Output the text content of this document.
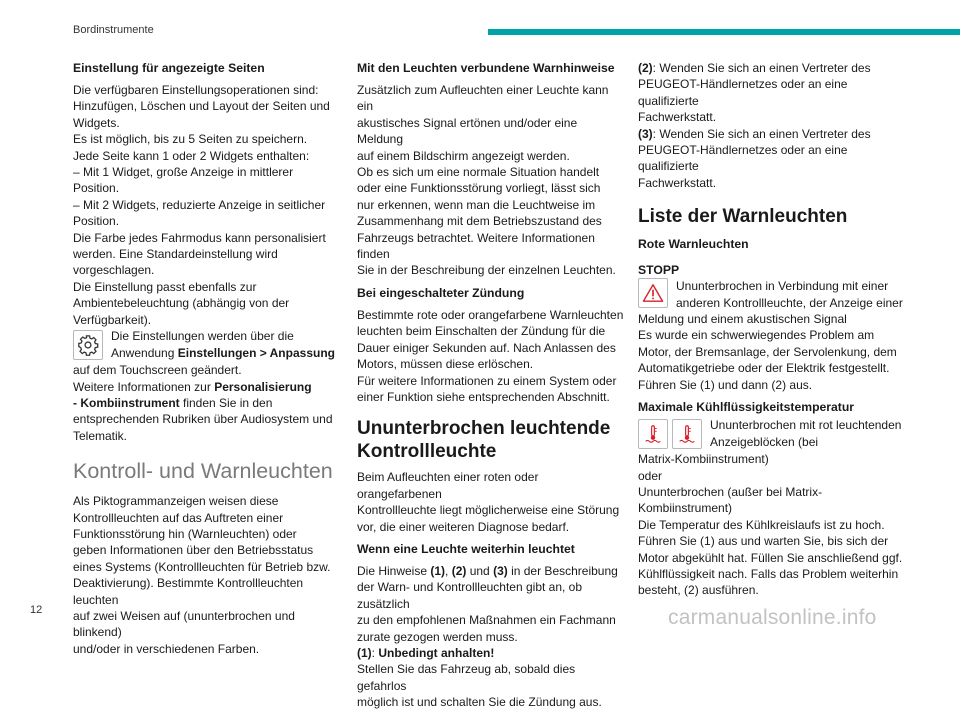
Bordinstrumente
Einstellung für angezeigte Seiten
Die verfügbaren Einstellungsoperationen sind:
Hinzufügen, Löschen und Layout der Seiten und
Widgets.
Es ist möglich, bis zu 5 Seiten zu speichern.
Jede Seite kann 1 oder 2 Widgets enthalten:
– Mit 1 Widget, große Anzeige in mittlerer Position.
– Mit 2 Widgets, reduzierte Anzeige in seitlicher
Position.
Die Farbe jedes Fahrmodus kann personalisiert
werden. Eine Standardeinstellung wird
vorgeschlagen.
Die Einstellung passt ebenfalls zur
Ambientebeleuchtung (abhängig von der
Verfügbarkeit).
Die Einstellungen werden über die
Anwendung Einstellungen > Anpassung
auf dem Touchscreen geändert.
Weitere Informationen zur Personalisierung
- Kombiinstrument finden Sie in den
entsprechenden Rubriken über Audiosystem und
Telematik.
Kontroll- und Warnleuchten
Als Piktogrammanzeigen weisen diese
Kontrollleuchten auf das Auftreten einer
Funktionsstörung hin (Warnleuchten) oder
geben Informationen über den Betriebsstatus
eines Systems (Kontrollleuchten für Betrieb bzw.
Deaktivierung). Bestimmte Kontrollleuchten leuchten
auf zwei Weisen auf (ununterbrochen und blinkend)
und/oder in verschiedenen Farben.
Mit den Leuchten verbundene Warnhinweise
Zusätzlich zum Aufleuchten einer Leuchte kann ein
akustisches Signal ertönen und/oder eine Meldung
auf einem Bildschirm angezeigt werden.
Ob es sich um eine normale Situation handelt
oder eine Funktionsstörung vorliegt, lässt sich
nur erkennen, wenn man die Leuchtweise im
Zusammenhang mit dem Betriebszustand des
Fahrzeugs betrachtet. Weitere Informationen finden
Sie in der Beschreibung der einzelnen Leuchten.
Bei eingeschalteter Zündung
Bestimmte rote oder orangefarbene Warnleuchten
leuchten beim Einschalten der Zündung für die
Dauer einiger Sekunden auf. Nach Anlassen des
Motors, müssen diese erlöschen.
Für weitere Informationen zu einem System oder
einer Funktion siehe entsprechenden Abschnitt.
Ununterbrochen leuchtende Kontrollleuchte
Beim Aufleuchten einer roten oder orangefarbenen
Kontrollleuchte liegt möglicherweise eine Störung
vor, die einer weiteren Diagnose bedarf.
Wenn eine Leuchte weiterhin leuchtet
Die Hinweise (1), (2) und (3) in der Beschreibung
der Warn- und Kontrollleuchten gibt an, ob zusätzlich
zu den empfohlenen Maßnahmen ein Fachmann
zurate gezogen werden muss.
(1): Unbedingt anhalten!
Stellen Sie das Fahrzeug ab, sobald dies gefahrlos
möglich ist und schalten Sie die Zündung aus.
(2): Wenden Sie sich an einen Vertreter des
PEUGEOT-Händlernetzes oder an eine qualifizierte
Fachwerkstatt.
(3): Wenden Sie sich an einen Vertreter des
PEUGEOT-Händlernetzes oder an eine qualifizierte
Fachwerkstatt.
Liste der Warnleuchten
Rote Warnleuchten
STOPP
Ununterbrochen in Verbindung mit einer
anderen Kontrollleuchte, der Anzeige einer
Meldung und einem akustischen Signal
Es wurde ein schwerwiegendes Problem am
Motor, der Bremsanlage, der Servolenkung, dem
Automatikgetriebe oder der Elektrik festgestellt.
Führen Sie (1) und dann (2) aus.
Maximale Kühlflüssigkeitstemperatur
Ununterbrochen mit rot leuchtenden
Anzeigeblöcken (bei
Matrix-Kombiinstrument)
oder
Ununterbrochen (außer bei Matrix-Kombiinstrument)
Die Temperatur des Kühlkreislaufs ist zu hoch.
Führen Sie (1) aus und warten Sie, bis sich der
Motor abgekühlt hat. Füllen Sie anschließend ggf.
Kühlflüssigkeit nach. Falls das Problem weiterhin
besteht, (2) ausführen.
12	carmanualsonline.info
